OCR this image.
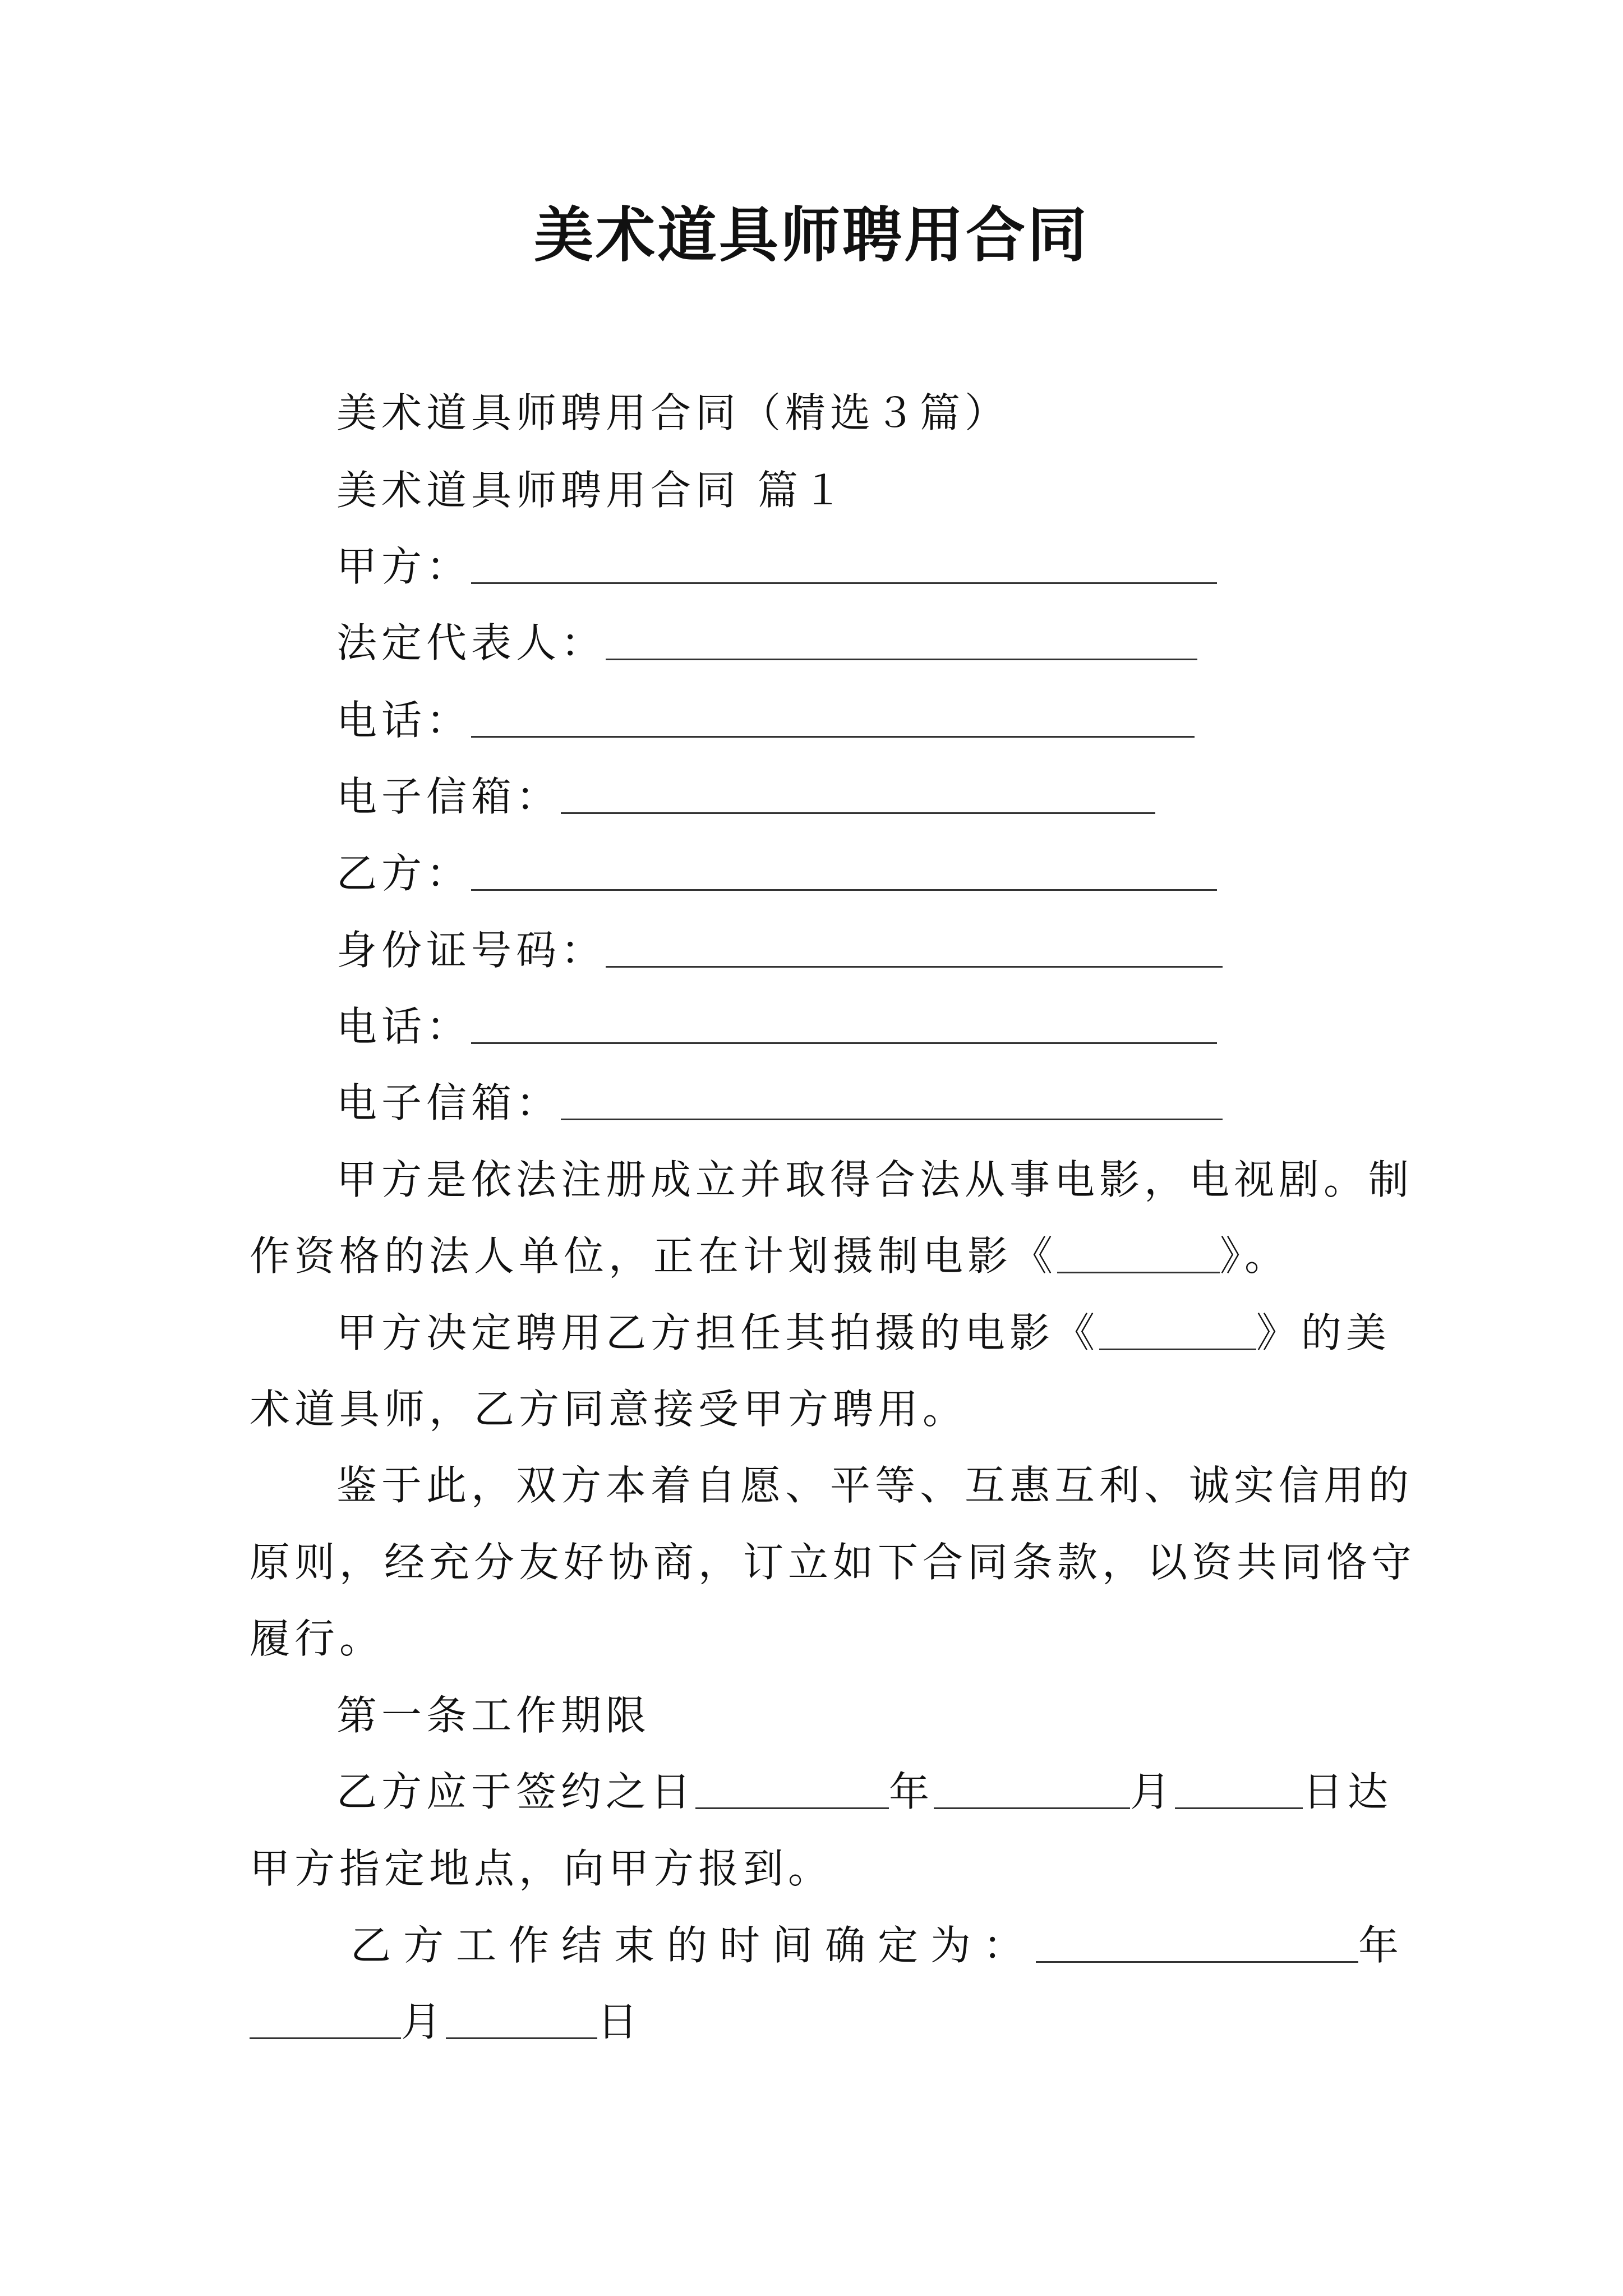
美术道具师聘用合同
美术道具师聘用合同（精选３篇）
美术道具师聘用合同 篇１
甲方：
法定代表人：
电话：
电子信箱：
乙方：
身份证号码：
电话：
电子信箱：
甲方是依法注册成立并取得合法从事电影，电视剧。制
作资格的法人单位，正在计划摄制电影《	》。
甲方决定聘用乙方担任其拍摄的电影《	》的美
术道具师，乙方同意接受甲方聘用。
鉴于此，双方本着自愿、平等、互惠互利、诚实信用的
原则，经充分友好协商，订立如下合同条款，以资共同恪守
履行。
第一条工作期限
乙方应于签约之日	年	月	日达
甲方指定地点，向甲方报到。
乙方工作结束的时间确定为：	年
月	日
